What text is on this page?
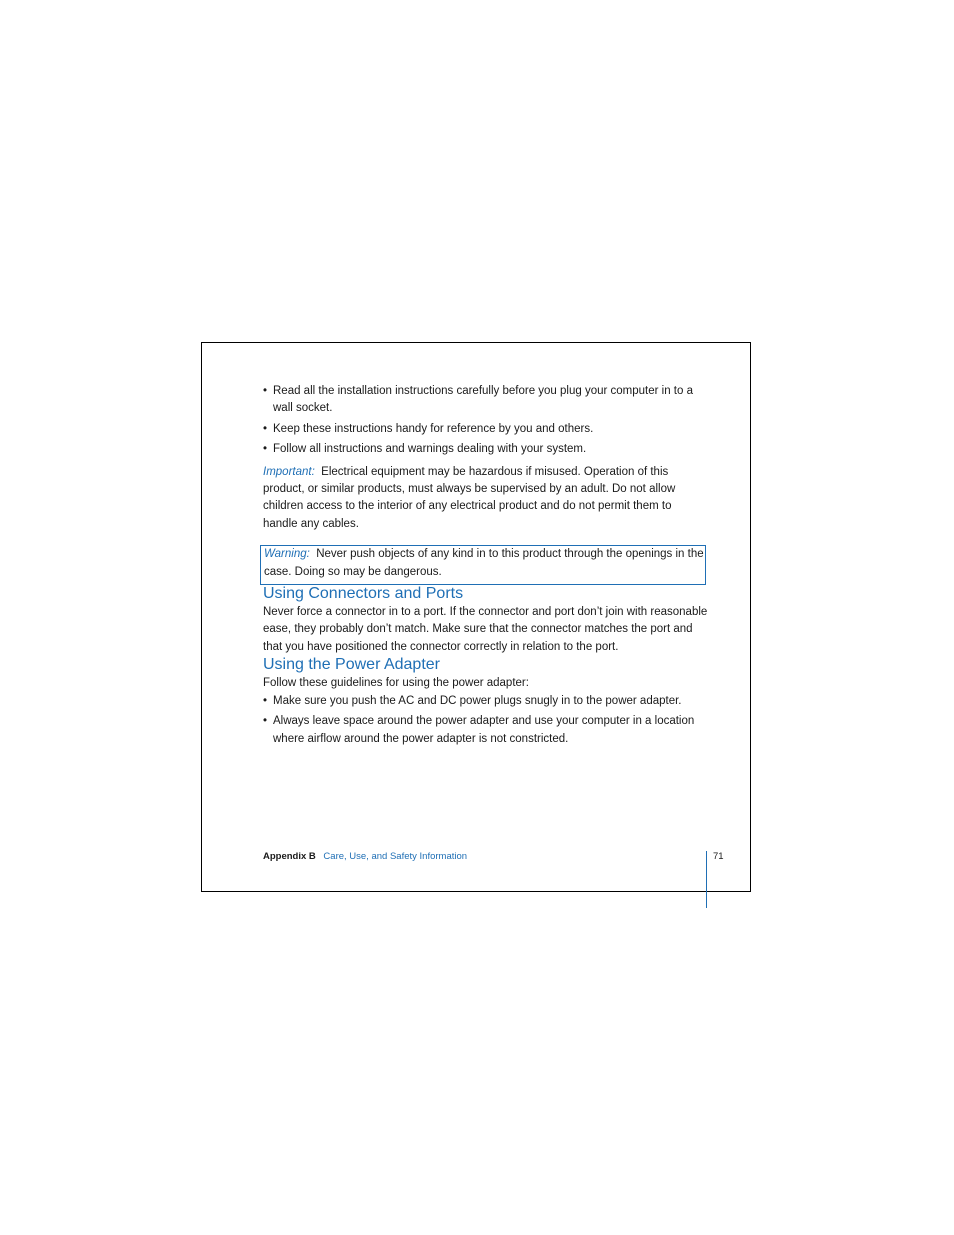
• Read all the installation instructions carefully before you plug your computer in to a wall socket.
• Keep these instructions handy for reference by you and others.
• Follow all instructions and warnings dealing with your system.

Important: Electrical equipment may be hazardous if misused. Operation of this product, or similar products, must always be supervised by an adult. Do not allow children access to the interior of any electrical product and do not permit them to handle any cables.

Warning: Never push objects of any kind in to this product through the openings in the case. Doing so may be dangerous.
Using Connectors and Ports

Never force a connector in to a port. If the connector and port don’t join with reasonable ease, they probably don’t match. Make sure that the connector matches the port and that you have positioned the connector correctly in relation to the port.

Using the Power Adapter

Follow these guidelines for using the power adapter:

• Make sure you push the AC and DC power plugs snugly in to the power adapter.
• Always leave space around the power adapter and use your computer in a location where airflow around the power adapter is not constricted.
Appendix B Care, Use, and Safety Information	71
